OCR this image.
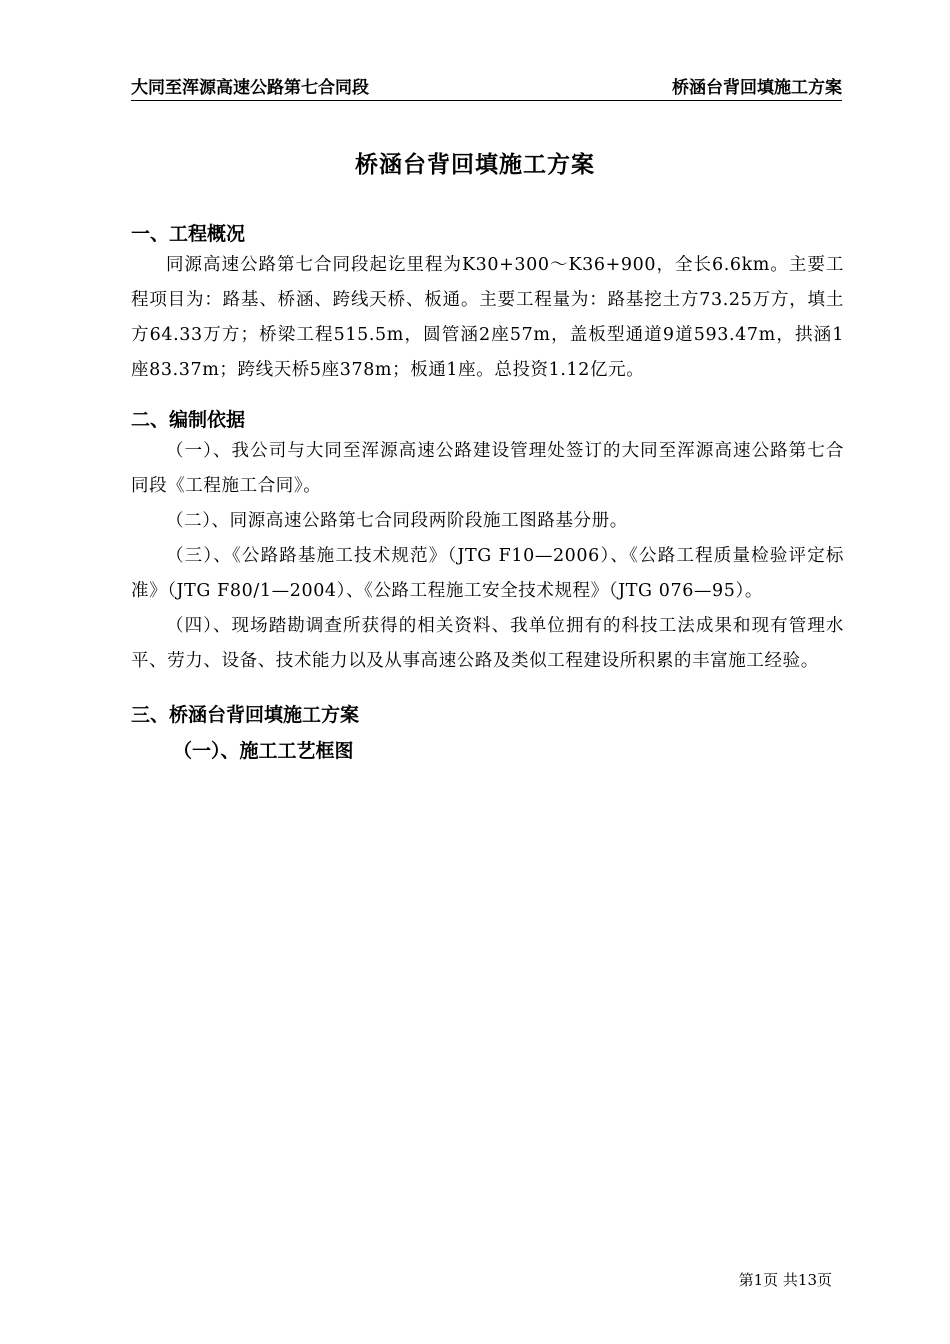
大同至浑源高速公路第七合同段	桥涵台背回填施工方案
桥涵台背回填施工方案

一、工程概况

同源高速公路第七合同段起讫里程为K30+300～K36+900，全长6.6km。主要工程项目为：路基、桥涵、跨线天桥、板通。主要工程量为：路基挖土方73.25万方，填土方64.33万方；桥梁工程515.5m，圆管涵2座57m，盖板型通道9道593.47m，拱涵1座83.37m；跨线天桥5座378m；板通1座。总投资1.12亿元。

二、编制依据

（一）、我公司与大同至浑源高速公路建设管理处签订的大同至浑源高速公路第七合同段《工程施工合同》。

（二）、同源高速公路第七合同段两阶段施工图路基分册。

（三）、《公路路基施工技术规范》（JTG F10—2006）、《公路工程质量检验评定标准》（JTG F80/1—2004）、《公路工程施工安全技术规程》（JTG 076—95）。

（四）、现场踏勘调查所获得的相关资料、我单位拥有的科技工法成果和现有管理水平、劳力、设备、技术能力以及从事高速公路及类似工程建设所积累的丰富施工经验。

三、桥涵台背回填施工方案

（一）、施工工艺框图

第1页 共13页
